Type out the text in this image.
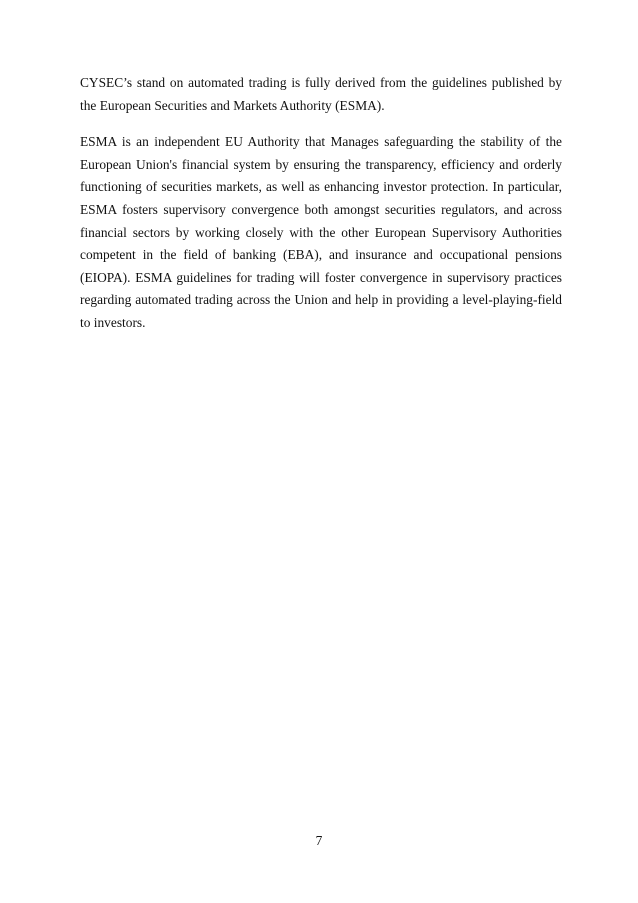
CYSEC’s stand on automated trading is fully derived from the guidelines published by the European Securities and Markets Authority (ESMA).

ESMA is an independent EU Authority that Manages safeguarding the stability of the European Union's financial system by ensuring the transparency, efficiency and orderly functioning of securities markets, as well as enhancing investor protection. In particular, ESMA fosters supervisory convergence both amongst securities regulators, and across financial sectors by working closely with the other European Supervisory Authorities competent in the field of banking (EBA), and insurance and occupational pensions (EIOPA). ESMA guidelines for trading will foster convergence in supervisory practices regarding automated trading across the Union and help in providing a level-playing-field to investors.

7
